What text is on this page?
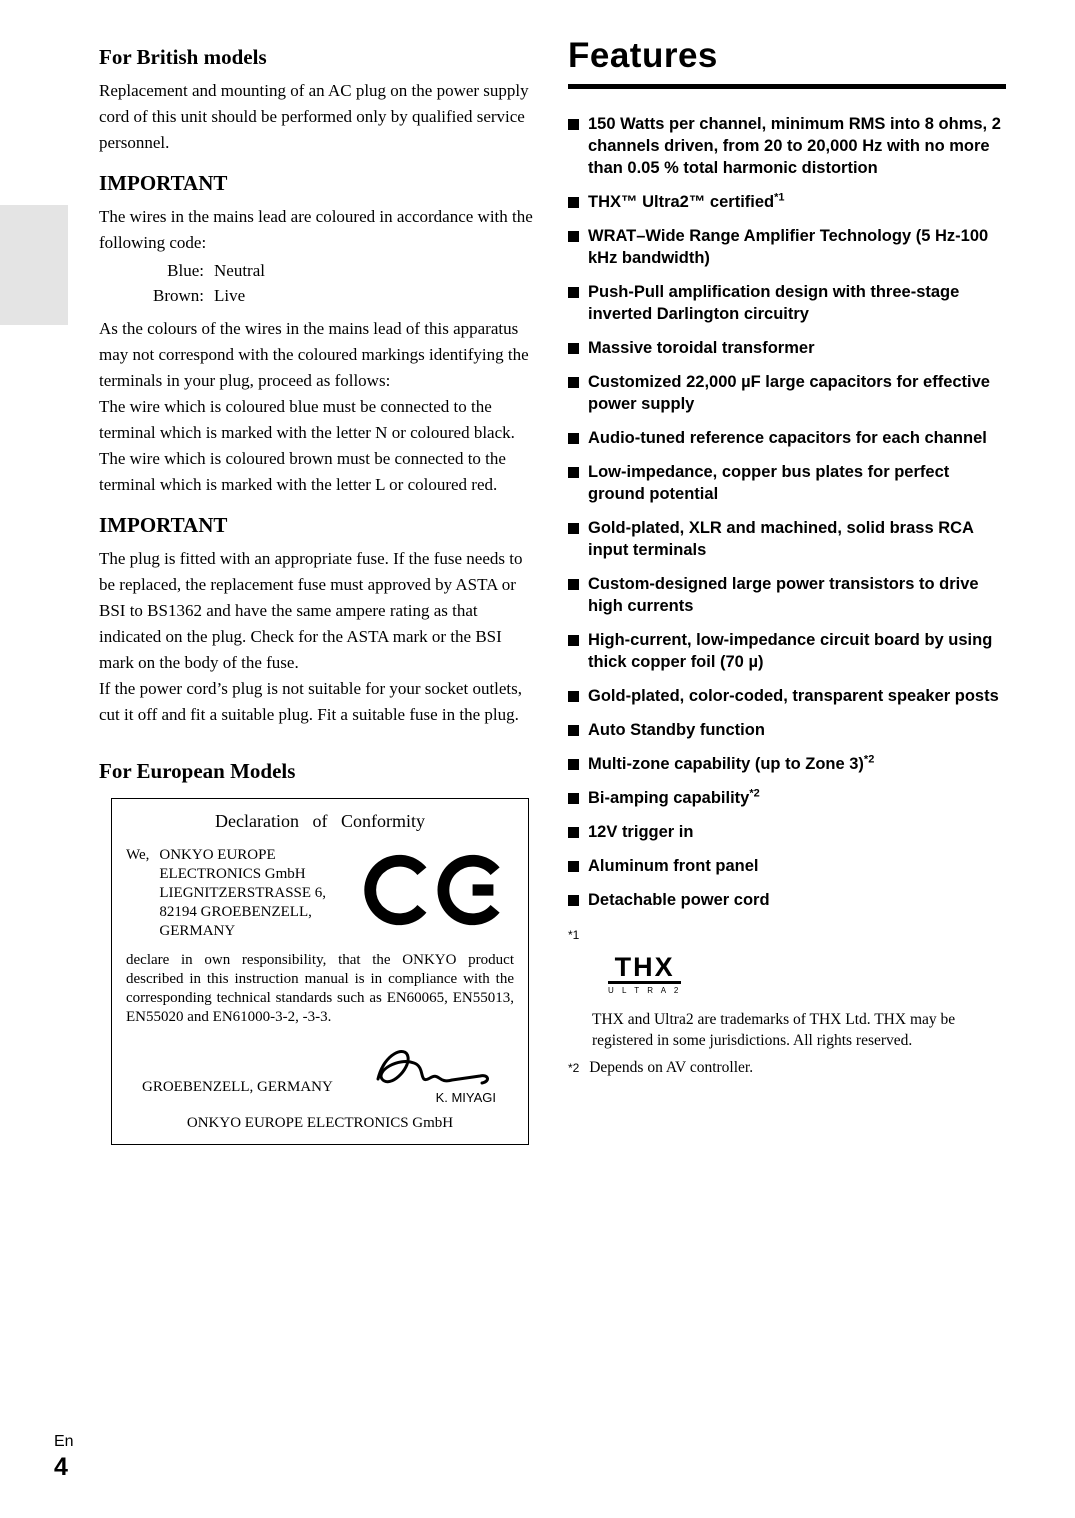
For British models

Replacement and mounting of an AC plug on the power supply cord of this unit should be performed only by qualified service personnel.

IMPORTANT

The wires in the mains lead are coloured in accordance with the following code:

Blue: Neutral
Brown: Live

As the colours of the wires in the mains lead of this apparatus may not correspond with the coloured markings identifying the terminals in your plug, proceed as follows:

The wire which is coloured blue must be connected to the terminal which is marked with the letter N or coloured black.

The wire which is coloured brown must be connected to the terminal which is marked with the letter L or coloured red.

IMPORTANT

The plug is fitted with an appropriate fuse. If the fuse needs to be replaced, the replacement fuse must approved by ASTA or BSI to BS1362 and have the same ampere rating as that indicated on the plug. Check for the ASTA mark or the BSI mark on the body of the fuse.

If the power cord’s plug is not suitable for your socket outlets, cut it off and fit a suitable plug. Fit a suitable fuse in the plug.

For European Models
Declaration of Conformity
We, ONKYO EUROPE
ELECTRONICS GmbH
LIEGNITZERSTRASSE 6,
82194 GROEBENZELL,
GERMANY

declare in own responsibility, that the ONKYO product described in this instruction manual is in compliance with the corresponding technical standards such as EN60065, EN55013, EN55020 and EN61000-3-2, -3-3.

GROEBENZELL, GERMANY
K. MIYAGI
ONKYO EUROPE ELECTRONICS GmbH
Features
150 Watts per channel, minimum RMS into 8 ohms, 2 channels driven, from 20 to 20,000 Hz with no more than 0.05 % total harmonic distortion
THX™ Ultra2™ certified$^{*1}$
WRAT–Wide Range Amplifier Technology (5 Hz-100 kHz bandwidth)
Push-Pull amplification design with three-stage inverted Darlington circuitry
Massive toroidal transformer
Customized 22,000 µF large capacitors for effective power supply
Audio-tuned reference capacitors for each channel
Low-impedance, copper bus plates for perfect ground potential
Gold-plated, XLR and machined, solid brass RCA input terminals
Custom-designed large power transistors to drive high currents
High-current, low-impedance circuit board by using thick copper foil (70 µ)
Gold-plated, color-coded, transparent speaker posts
Auto Standby function
Multi-zone capability (up to Zone 3)$^{*2}$
Bi-amping capability$^{*2}$
12V trigger in
Aluminum front panel
Detachable power cord
$^{*1}$
THX
U L T R A 2

THX and Ultra2 are trademarks of THX Ltd. THX may be registered in some jurisdictions. All rights reserved.

$^{*2}$ Depends on AV controller.

En
4
